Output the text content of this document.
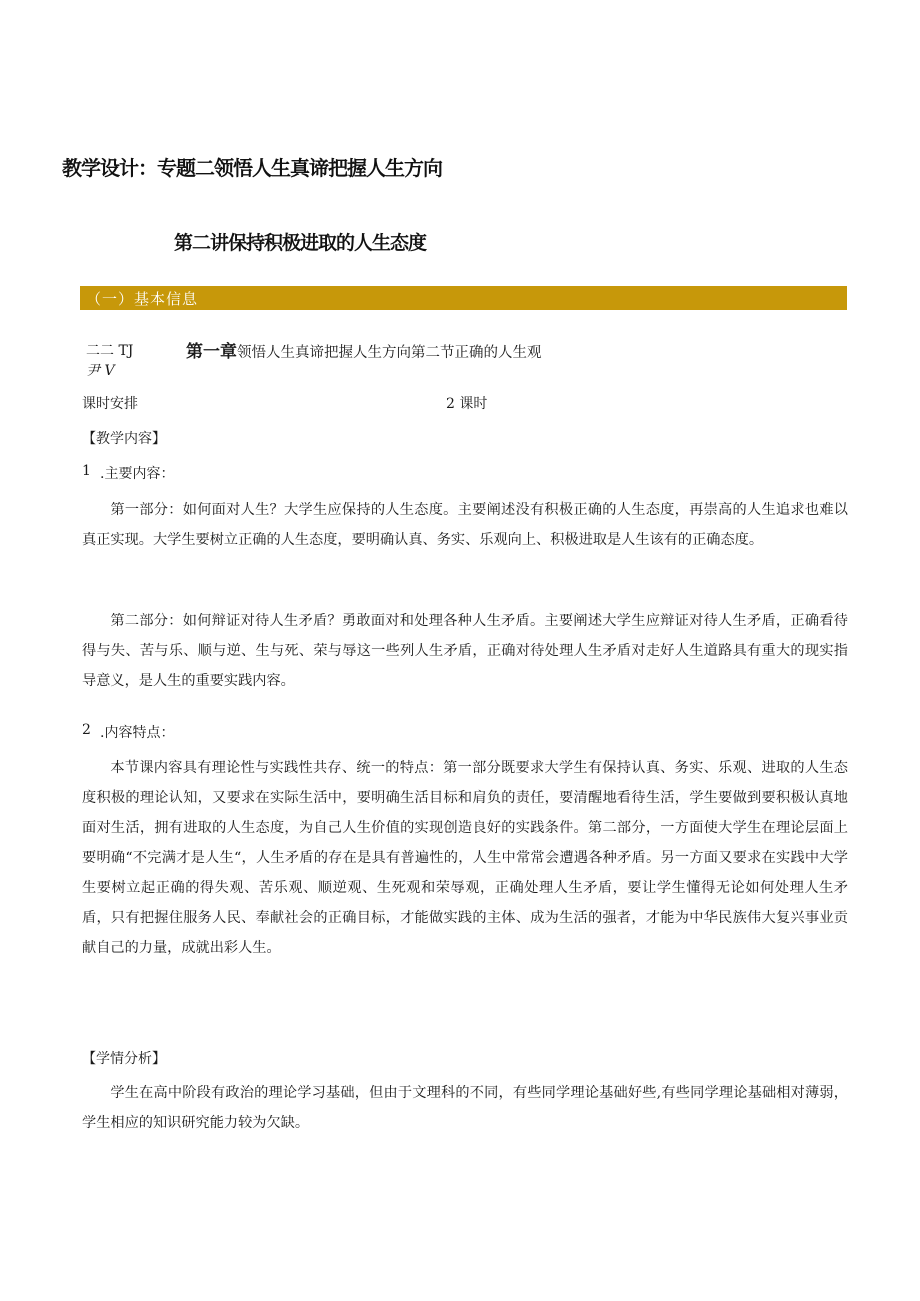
教学设计：专题二领悟人生真谛把握人生方向
第二讲保持积极进取的人生态度
（一）基本信息
二二 TJ
尹 V
第一章领悟人生真谛把握人生方向第二节正确的人生观
课时安排	2 课时
【教学内容】
1 .主要内容：
第一部分：如何面对人生？大学生应保持的人生态度。主要阐述没有积极正确的人生态度，再崇高的人生追求也难以真正实现。大学生要树立正确的人生态度，要明确认真、务实、乐观向上、积极进取是人生该有的正确态度。
第二部分：如何辩证对待人生矛盾？勇敢面对和处理各种人生矛盾。主要阐述大学生应辩证对待人生矛盾，正确看待得与失、苦与乐、顺与逆、生与死、荣与辱这一些列人生矛盾，正确对待处理人生矛盾对走好人生道路具有重大的现实指导意义，是人生的重要实践内容。
2 .内容特点：
本节课内容具有理论性与实践性共存、统一的特点：第一部分既要求大学生有保持认真、务实、乐观、进取的人生态度积极的理论认知，又要求在实际生活中，要明确生活目标和肩负的责任，要清醒地看待生活，学生要做到要积极认真地面对生活，拥有进取的人生态度，为自己人生价值的实现创造良好的实践条件。第二部分，一方面使大学生在理论层面上要明确“不完满才是人生“，人生矛盾的存在是具有普遍性的，人生中常常会遭遇各种矛盾。另一方面又要求在实践中大学生要树立起正确的得失观、苦乐观、顺逆观、生死观和荣辱观，正确处理人生矛盾，要让学生懂得无论如何处理人生矛盾，只有把握住服务人民、奉献社会的正确目标，才能做实践的主体、成为生活的强者，才能为中华民族伟大复兴事业贡献自己的力量，成就出彩人生。
【学情分析】
学生在高中阶段有政治的理论学习基础，但由于文理科的不同，有些同学理论基础好些,有些同学理论基础相对薄弱，学生相应的知识研究能力较为欠缺。
